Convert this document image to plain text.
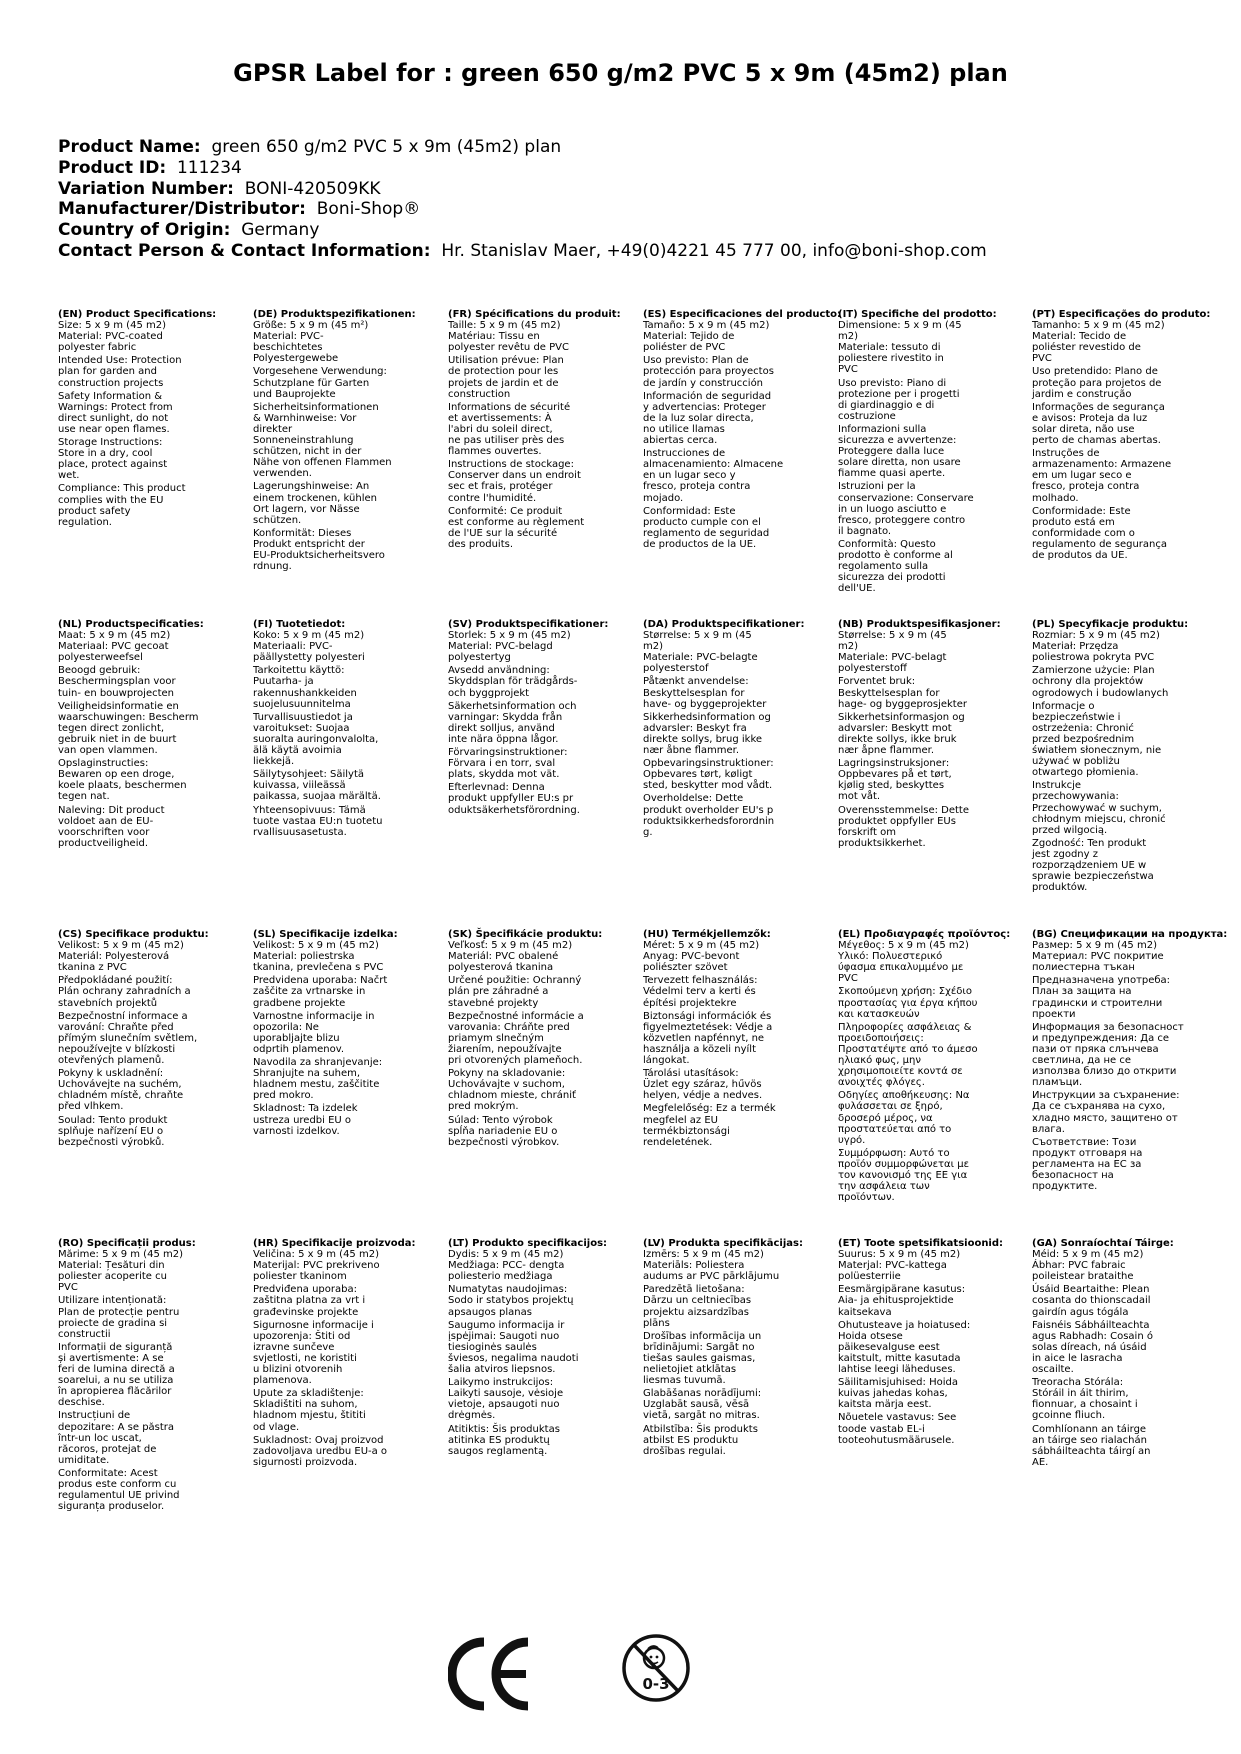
GPSR Label for : green 650 g/m2 PVC 5 x 9m (45m2) plan
Product Name: green 650 g/m2 PVC 5 x 9m (45m2) plan
Product ID: 111234
Variation Number: BONI-420509KK
Manufacturer/Distributor: Boni-Shop®
Country of Origin: Germany
Contact Person & Contact Information: Hr. Stanislav Maer, +49(0)4221 45 777 00, info@boni-shop.com
(EN) Product Specifications:
Size: 5 x 9 m (45 m2)
Material: PVC-coated
polyester fabric
Intended Use: Protection
plan for garden and
construction projects
Safety Information &
Warnings: Protect from
direct sunlight, do not
use near open flames.
Storage Instructions:
Store in a dry, cool
place, protect against
wet.
Compliance: This product
complies with the EU
product safety
regulation.
(DE) Produktspezifikationen:
Größe: 5 x 9 m (45 m²)
Material: PVC-
beschichtetes
Polyestergewebe
Vorgesehene Verwendung:
Schutzplane für Garten
und Bauprojekte
Sicherheitsinformationen
& Warnhinweise: Vor
direkter
Sonneneinstrahlung
schützen, nicht in der
Nähe von offenen Flammen
verwenden.
Lagerungshinweise: An
einem trockenen, kühlen
Ort lagern, vor Nässe
schützen.
Konformität: Dieses
Produkt entspricht der
EU-Produktsicherheitsvero
rdnung.
(FR) Spécifications du produit:
Taille: 5 x 9 m (45 m2)
Matériau: Tissu en
polyester revêtu de PVC
Utilisation prévue: Plan
de protection pour les
projets de jardin et de
construction
Informations de sécurité
et avertissements: À
l'abri du soleil direct,
ne pas utiliser près des
flammes ouvertes.
Instructions de stockage:
Conserver dans un endroit
sec et frais, protéger
contre l'humidité.
Conformité: Ce produit
est conforme au règlement
de l'UE sur la sécurité
des produits.
(ES) Especificaciones del producto:
Tamaño: 5 x 9 m (45 m2)
Material: Tejido de
poliéster de PVC
Uso previsto: Plan de
protección para proyectos
de jardín y construcción
Información de seguridad
y advertencias: Proteger
de la luz solar directa,
no utilice llamas
abiertas cerca.
Instrucciones de
almacenamiento: Almacene
en un lugar seco y
fresco, proteja contra
mojado.
Conformidad: Este
producto cumple con el
reglamento de seguridad
de productos de la UE.
(IT) Specifiche del prodotto:
Dimensione: 5 x 9 m (45
m2)
Materiale: tessuto di
poliestere rivestito in
PVC
Uso previsto: Piano di
protezione per i progetti
di giardinaggio e di
costruzione
Informazioni sulla
sicurezza e avvertenze:
Proteggere dalla luce
solare diretta, non usare
fiamme quasi aperte.
Istruzioni per la
conservazione: Conservare
in un luogo asciutto e
fresco, proteggere contro
il bagnato.
Conformità: Questo
prodotto è conforme al
regolamento sulla
sicurezza dei prodotti
dell'UE.
(PT) Especificações do produto:
Tamanho: 5 x 9 m (45 m2)
Material: Tecido de
poliéster revestido de
PVC
Uso pretendido: Plano de
proteção para projetos de
jardim e construção
Informações de segurança
e avisos: Proteja da luz
solar direta, não use
perto de chamas abertas.
Instruções de
armazenamento: Armazene
em um lugar seco e
fresco, proteja contra
molhado.
Conformidade: Este
produto está em
conformidade com o
regulamento de segurança
de produtos da UE.
(NL) Productspecificaties:
Maat: 5 x 9 m (45 m2)
Materiaal: PVC gecoat
polyesterweefsel
Beoogd gebruik:
Beschermingsplan voor
tuin- en bouwprojecten
Veiligheidsinformatie en
waarschuwingen: Bescherm
tegen direct zonlicht,
gebruik niet in de buurt
van open vlammen.
Opslaginstructies:
Bewaren op een droge,
koele plaats, beschermen
tegen nat.
Naleving: Dit product
voldoet aan de EU-
voorschriften voor
productveiligheid.
(FI) Tuotetiedot:
Koko: 5 x 9 m (45 m2)
Materiaali: PVC-
päällystetty polyesteri
Tarkoitettu käyttö:
Puutarha- ja
rakennushankkeiden
suojelusuunnitelma
Turvallisuustiedot ja
varoitukset: Suojaa
suoralta auringonvalolta,
älä käytä avoimia
liekkejä.
Säilytysohjeet: Säilytä
kuivassa, viileässä
paikassa, suojaa märältä.
Yhteensopivuus: Tämä
tuote vastaa EU:n tuotetu
rvallisuusasetusta.
(SV) Produktspecifikationer:
Storlek: 5 x 9 m (45 m2)
Material: PVC-belagd
polyestertyg
Avsedd användning:
Skyddsplan för trädgårds-
och byggprojekt
Säkerhetsinformation och
varningar: Skydda från
direkt solljus, använd
inte nära öppna lågor.
Förvaringsinstruktioner:
Förvara i en torr, sval
plats, skydda mot vät.
Efterlevnad: Denna
produkt uppfyller EU:s pr
oduktsäkerhetsförordning.
(DA) Produktspecifikationer:
Størrelse: 5 x 9 m (45
m2)
Materiale: PVC-belagte
polyesterstof
Påtænkt anvendelse:
Beskyttelsesplan for
have- og byggeprojekter
Sikkerhedsinformation og
advarsler: Beskyt fra
direkte sollys, brug ikke
nær åbne flammer.
Opbevaringsinstruktioner:
Opbevares tørt, køligt
sted, beskytter mod vådt.
Overholdelse: Dette
produkt overholder EU's p
roduktsikkerhedsforordnin
g.
(NB) Produktspesifikasjoner:
Størrelse: 5 x 9 m (45
m2)
Materiale: PVC-belagt
polyesterstoff
Forventet bruk:
Beskyttelsesplan for
hage- og byggeprosjekter
Sikkerhetsinformasjon og
advarsler: Beskytt mot
direkte sollys, ikke bruk
nær åpne flammer.
Lagringsinstruksjoner:
Oppbevares på et tørt,
kjølig sted, beskyttes
mot våt.
Overensstemmelse: Dette
produktet oppfyller EUs
forskrift om
produktsikkerhet.
(PL) Specyfikacje produktu:
Rozmiar: 5 x 9 m (45 m2)
Materiał: Przędza
poliestrowa pokryta PVC
Zamierzone użycie: Plan
ochrony dla projektów
ogrodowych i budowlanych
Informacje o
bezpieczeństwie i
ostrzeżenia: Chronić
przed bezpośrednim
światłem słonecznym, nie
używać w pobliżu
otwartego płomienia.
Instrukcje
przechowywania:
Przechowywać w suchym,
chłodnym miejscu, chronić
przed wilgocią.
Zgodność: Ten produkt
jest zgodny z
rozporządzeniem UE w
sprawie bezpieczeństwa
produktów.
(CS) Specifikace produktu:
Velikost: 5 x 9 m (45 m2)
Materiál: Polyesterová
tkanina z PVC
Předpokládané použití:
Plán ochrany zahradních a
stavebních projektů
Bezpečnostní informace a
varování: Chraňte před
přímým slunečním světlem,
nepoužívejte v blízkosti
otevřených plamenů.
Pokyny k uskladnění:
Uchovávejte na suchém,
chladném místě, chraňte
před vlhkem.
Soulad: Tento produkt
splňuje nařízení EU o
bezpečnosti výrobků.
(SL) Specifikacije izdelka:
Velikost: 5 x 9 m (45 m2)
Material: poliestrska
tkanina, prevlečena s PVC
Predvidena uporaba: Načrt
zaščite za vrtnarske in
gradbene projekte
Varnostne informacije in
opozorila: Ne
uporabljajte blizu
odprtih plamenov.
Navodila za shranjevanje:
Shranjujte na suhem,
hladnem mestu, zaščitite
pred mokro.
Skladnost: Ta izdelek
ustreza uredbi EU o
varnosti izdelkov.
(SK) Špecifikácie produktu:
Veľkosť: 5 x 9 m (45 m2)
Materiál: PVC obalené
polyesterová tkanina
Určené použitie: Ochranný
plán pre záhradné a
stavebné projekty
Bezpečnostné informácie a
varovania: Chráňte pred
priamym slnečným
žiarením, nepoužívajte
pri otvorených plameňoch.
Pokyny na skladovanie:
Uchovávajte v suchom,
chladnom mieste, chrániť
pred mokrým.
Súlad: Tento výrobok
spĺňa nariadenie EU o
bezpečnosti výrobkov.
(HU) Termékjellemzők:
Méret: 5 x 9 m (45 m2)
Anyag: PVC-bevont
poliészter szövet
Tervezett felhasználás:
Védelmi terv a kerti és
építési projektekre
Biztonsági információk és
figyelmeztetések: Védje a
közvetlen napfénnyt, ne
használja a közeli nyílt
lángokat.
Tárolási utasítások:
Üzlet egy száraz, hűvös
helyen, védje a nedves.
Megfelelőség: Ez a termék
megfelel az EU
termékbiztonsági
rendeletének.
(EL) Προδιαγραφές προϊόντος:
Μέγεθος: 5 x 9 m (45 m2)
Υλικό: Πολυεστερικό
ύφασμα επικαλυμμένο με
PVC
Σκοπούμενη χρήση: Σχέδιο
προστασίας για έργα κήπου
και κατασκευών
Πληροφορίες ασφάλειας &
προειδοποιήσεις:
Προστατέψτε από το άμεσο
ηλιακό φως, μην
χρησιμοποιείτε κοντά σε
ανοιχτές φλόγες.
Οδηγίες αποθήκευσης: Να
φυλάσσεται σε ξηρό,
δροσερό μέρος, να
προστατεύεται από το
υγρό.
Συμμόρφωση: Αυτό το
προϊόν συμμορφώνεται με
τον κανονισμό της ΕΕ για
την ασφάλεια των
προϊόντων.
(BG) Спецификации на продукта:
Размер: 5 x 9 m (45 m2)
Материал: PVC покритие
полиестерна тъкан
Предназначена употреба:
План за защита на
градински и строителни
проекти
Информация за безопасност
и предупреждения: Да се
пази от пряка слънчева
светлина, да не се
използва близо до открити
пламъци.
Инструкции за съхранение:
Да се съхранява на сухо,
хладно място, защитено от
влага.
Съответствие: Този
продукт отговаря на
регламента на ЕС за
безопасност на
продуктите.
(RO) Specificații produs:
Mărime: 5 x 9 m (45 m2)
Material: Țesături din
poliester acoperite cu
PVC
Utilizare intenționată:
Plan de protecție pentru
proiecte de gradina si
constructii
Informații de siguranță
și avertismente: A se
feri de lumina directă a
soarelui, a nu se utiliza
în apropierea flăcărilor
deschise.
Instrucțiuni de
depozitare: A se păstra
într-un loc uscat,
răcoros, protejat de
umiditate.
Conformitate: Acest
produs este conform cu
regulamentul UE privind
siguranța produselor.
(HR) Specifikacije proizvoda:
Veličina: 5 x 9 m (45 m2)
Materijal: PVC prekriveno
poliester tkaninom
Predviđena uporaba:
zaštitna platna za vrt i
građevinske projekte
Sigurnosne informacije i
upozorenja: Štiti od
izravne sunčeve
svjetlosti, ne koristiti
u blizini otvorenih
plamenova.
Upute za skladištenje:
Skladištiti na suhom,
hladnom mjestu, štititi
od vlage.
Sukladnost: Ovaj proizvod
zadovoljava uredbu EU-a o
sigurnosti proizvoda.
(LT) Produkto specifikacijos:
Dydis: 5 x 9 m (45 m2)
Medžiaga: PCC- dengta
poliesterio medžiaga
Numatytas naudojimas:
Sodo ir statybos projektų
apsaugos planas
Saugumo informacija ir
įspėjimai: Saugoti nuo
tiesioginės saulės
šviesos, negalima naudoti
šalia atviros liepsnos.
Laikymo instrukcijos:
Laikyti sausoje, vėsioje
vietoje, apsaugoti nuo
drėgmės.
Atitiktis: Šis produktas
atitinka ES produktų
saugos reglamentą.
(LV) Produkta specifikācijas:
Izmērs: 5 x 9 m (45 m2)
Materiāls: Poliestera
audums ar PVC pārklājumu
Paredzētā lietošana:
Dārzu un celtniecības
projektu aizsardzības
plāns
Drošības informācija un
brīdinājumi: Sargāt no
tiešas saules gaismas,
nelietojiet atklātas
liesmas tuvumā.
Glabāšanas norādījumi:
Uzglabāt sausā, vēsā
vietā, sargāt no mitras.
Atbilstība: Šis produkts
atbilst ES produktu
drošības regulai.
(ET) Toote spetsifikatsioonid:
Suurus: 5 x 9 m (45 m2)
Materjal: PVC-kattega
polüesterriie
Eesmärgipärane kasutus:
Aia- ja ehitusprojektide
kaitsekava
Ohutusteave ja hoiatused:
Hoida otsese
päikesevalguse eest
kaitstult, mitte kasutada
lahtise leegi läheduses.
Säilitamisjuhised: Hoida
kuivas jahedas kohas,
kaitsta märja eest.
Nõuetele vastavus: See
toode vastab EL-i
tooteohutusmäärusele.
(GA) Sonraíochtaí Táirge:
Méid: 5 x 9 m (45 m2)
Ábhar: PVC fabraic
poileistear brataithe
Úsáid Beartaithe: Plean
cosanta do thionscadail
gairdín agus tógála
Faisnéis Sábháilteachta
agus Rabhadh: Cosain ó
solas díreach, ná úsáid
in aice le lasracha
oscailte.
Treoracha Stórála:
Stóráil in áit thirim,
fionnuar, a chosaint i
gcoinne fliuch.
Comhlíonann an táirge
an táirge seo rialachán
sábháilteachta táirgí an
AE.
0-3
